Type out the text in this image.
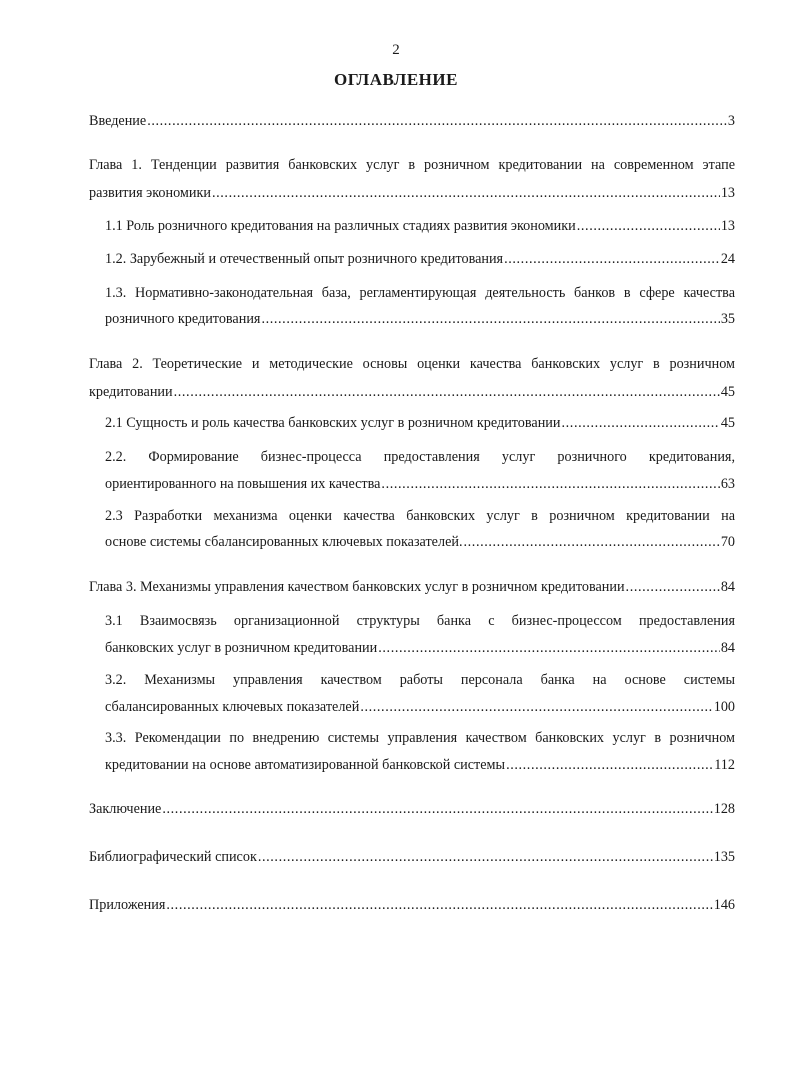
2
ОГЛАВЛЕНИЕ
Введение .....	3
Глава 1. Тенденции развития банковских услуг в розничном кредитовании на современном этапе
развития экономики .....	13
1.1 Роль розничного кредитования на различных стадиях развития экономики .....	13
1.2. Зарубежный и отечественный опыт розничного кредитования .....	24
1.3. Нормативно-законодательная база, регламентирующая деятельность банков в сфере качества
розничного кредитования .....	35
Глава 2. Теоретические и методические основы оценки качества банковских услуг в розничном
кредитовании .....	45
2.1 Сущность и роль качества банковских услуг в розничном кредитовании .....	45
2.2. Формирование бизнес-процесса предоставления услуг розничного кредитования,
ориентированного на повышения их качества .....	63
2.3 Разработки механизма оценки качества банковских услуг в розничном кредитовании на
основе системы сбалансированных ключевых показателей. .....	70
Глава 3. Механизмы управления качеством банковских услуг в розничном кредитовании .....	84
3.1 Взаимосвязь организационной структуры банка с бизнес-процессом предоставления
банковских услуг в розничном кредитовании .....	84
3.2. Механизмы управления качеством работы персонала банка на основе системы
сбалансированных ключевых показателей .....	100
3.3. Рекомендации по внедрению системы управления качеством банковских услуг в розничном
кредитовании на основе автоматизированной банковской системы .....	112
Заключение .....	128
Библиографический список .....	135
Приложения .....	146
